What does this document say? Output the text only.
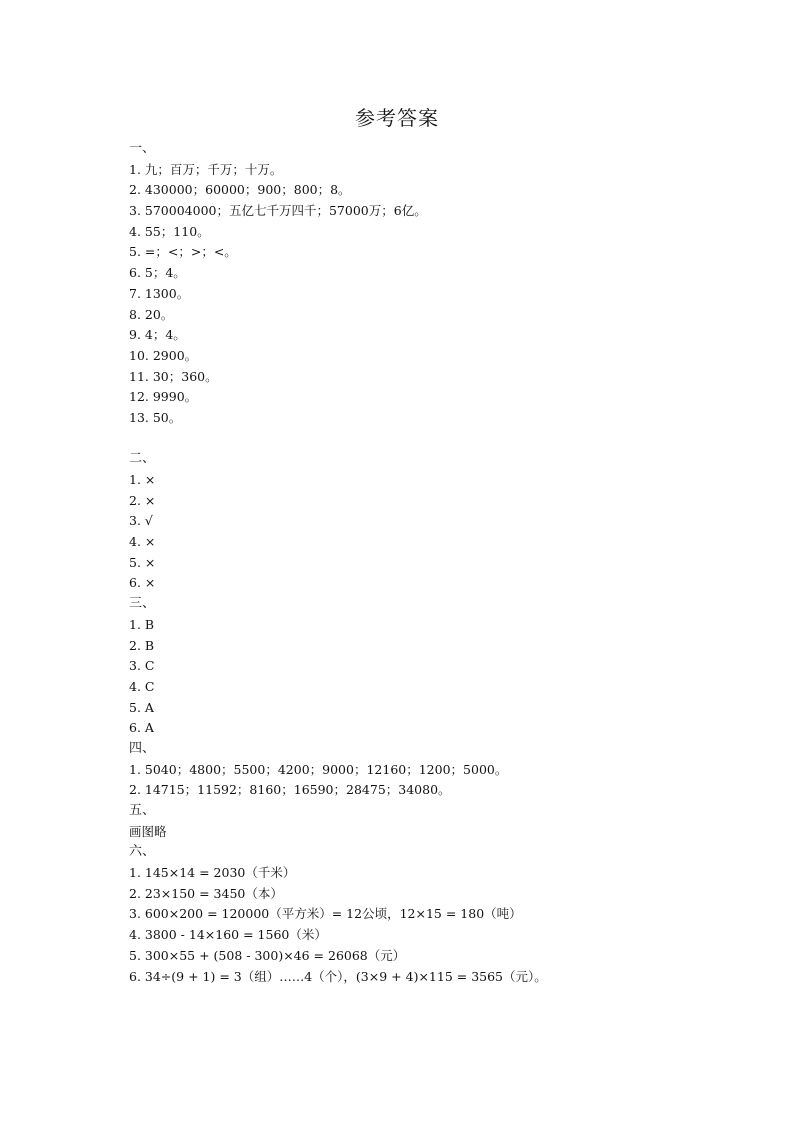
参考答案
一、
1. 九；百万；千万；十万。
2. 430000；60000；900；800；8。
3. 570004000；五亿七千万四千；57000万；6亿。
4. 55；110。
5. =；<；>；<。
6. 5；4。
7. 1300。
8. 20。
9. 4；4。
10. 2900。
11. 30；360。
12. 9990。
13. 50。
二、
1. ×
2. ×
3. √
4. ×
5. ×
6. ×
三、
1. B
2. B
3. C
4. C
5. A
6. A
四、
1. 5040；4800；5500；4200；9000；12160；1200；5000。
2. 14715；11592；8160；16590；28475；34080。
五、
画图略
六、
1. 145×14 = 2030（千米）
2. 23×150 = 3450（本）
3. 600×200 = 120000（平方米）= 12公顷，12×15 = 180（吨）
4. 3800 - 14×160 = 1560（米）
5. 300×55 + (508 - 300)×46 = 26068（元）
6. 34÷(9 + 1) = 3（组）……4（个），(3×9 + 4)×115 = 3565（元）。
